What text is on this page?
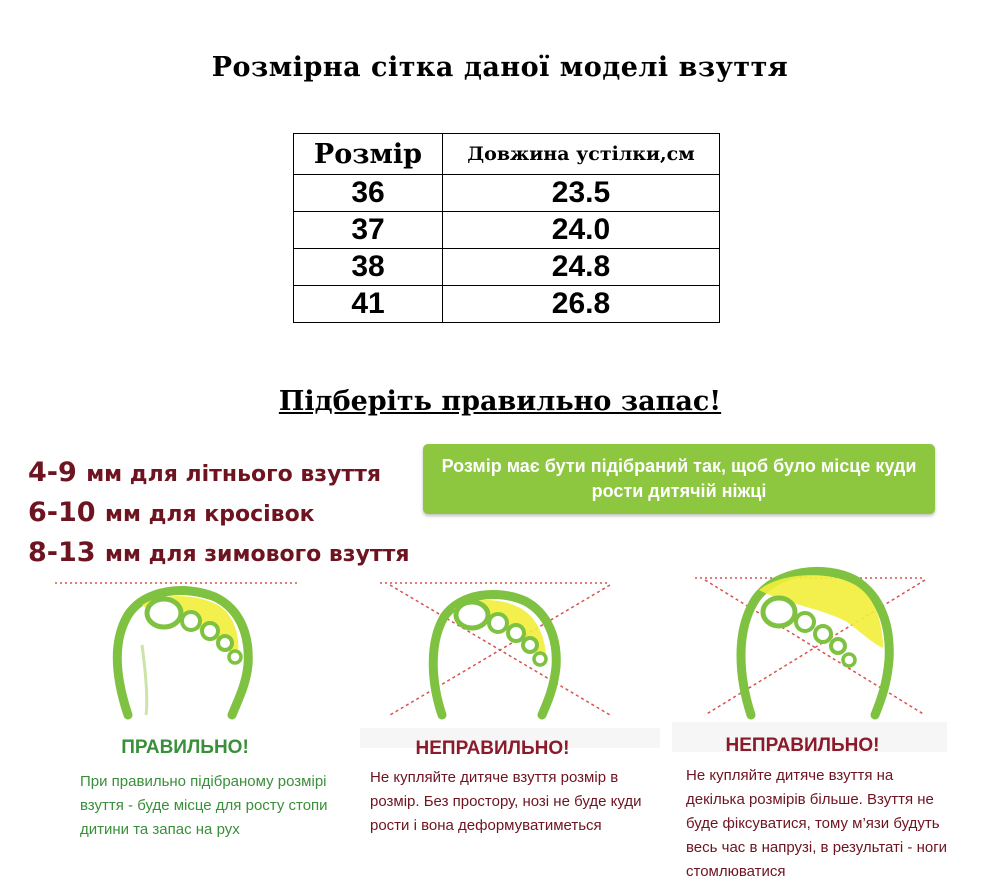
Розмірна сітка даної моделі взуття
Розмір	Довжина устілки,см
36	23.5
37	24.0
38	24.8
41	26.8
Підберіть правильно запас!
4-9 мм для літнього взуття
6-10 мм для кросівок
8-13 мм для зимового взуття
Розмір має бути підібраний так, щоб було місце куди рости дитячій ніжці
ПРАВИЛЬНО!
При правильно підібраному розмірі взуття - буде місце для росту стопи дитини та запас на рух
НЕПРАВИЛЬНО!
Не купляйте дитяче взуття розмір в розмір. Без простору, нозі не буде куди рости і вона деформуватиметься
НЕПРАВИЛЬНО!
Не купляйте дитяче взуття на декілька розмірів більше. Взуття не буде фіксуватися, тому м’язи будуть весь час в напрузі, в результаті - ноги стомлюватися
